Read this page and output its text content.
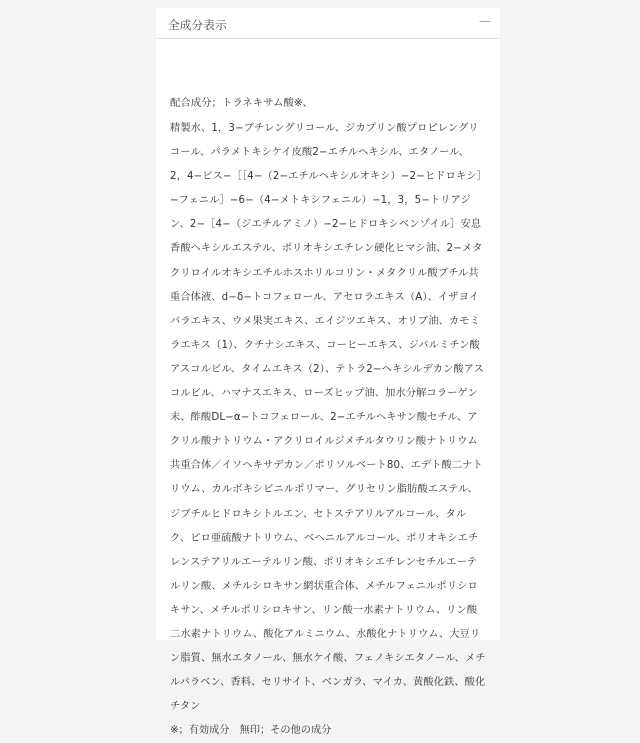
全成分表示	—

配合成分；トラネキサム酸※、

精製水、1，3−ブチレングリコール、ジカプリン酸プロピレングリコール、パラメトキシケイ皮酸2−エチルヘキシル、エタノール、2，4−ビス−［［4−（2−エチルヘキシルオキシ）−2−ヒドロキシ］−フェニル］−6−（4−メトキシフェニル）−1，3，5−トリアジン、2−［4−（ジエチルアミノ）−2−ヒドロキシベンゾイル］安息香酸ヘキシルエステル、ポリオキシエチレン硬化ヒマシ油、2−メタクリロイルオキシエチルホスホリルコリン・メタクリル酸ブチル共重合体液、d−δ−トコフェロール、アセロラエキス（A）、イザヨイバラエキス、ウメ果実エキス、エイジツエキス、オリブ油、カモミラエキス（1）、クチナシエキス、コーヒーエキス、ジパルミチン酸アスコルビル、タイムエキス（2）、テトラ2−ヘキシルデカン酸アスコルビル、ハマナスエキス、ローズヒップ油、加水分解コラーゲン末、酢酸DL−α−トコフェロール、2−エチルヘキサン酸セチル、アクリル酸ナトリウム・アクリロイルジメチルタウリン酸ナトリウム共重合体／イソヘキサデカン／ポリソルベート80、エデト酸二ナトリウム、カルボキシビニルポリマー、グリセリン脂肪酸エステル、ジブチルヒドロキシトルエン、セトステアリルアルコール、タルク、ピロ亜硫酸ナトリウム、ベヘニルアルコール、ポリオキシエチレンステアリルエーテルリン酸、ポリオキシエチレンセチルエーテルリン酸、メチルシロキサン網状重合体、メチルフェニルポリシロキサン、メチルポリシロキサン、リン酸一水素ナトリウム、リン酸二水素ナトリウム、酸化アルミニウム、水酸化ナトリウム、大豆リン脂質、無水エタノール、無水ケイ酸、フェノキシエタノール、メチルパラベン、香料、セリサイト、ベンガラ、マイカ、黄酸化鉄、酸化チタン

※；有効成分　無印；その他の成分
